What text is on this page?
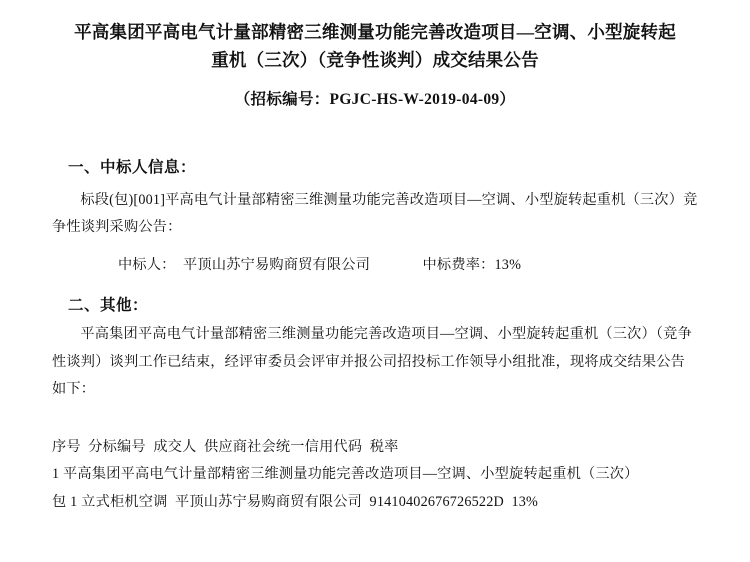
平高集团平高电气计量部精密三维测量功能完善改造项目—空调、小型旋转起重机（三次）（竞争性谈判）成交结果公告
（招标编号：PGJC-HS-W-2019-04-09）
一、中标人信息：

标段(包)[001]平高电气计量部精密三维测量功能完善改造项目—空调、小型旋转起重机（三次）竞争性谈判采购公告：

中标人：  平顶山苏宁易购商贸有限公司              中标费率：13%
二、其他：

平高集团平高电气计量部精密三维测量功能完善改造项目—空调、小型旋转起重机（三次）（竞争性谈判）谈判工作已结束，经评审委员会评审并报公司招投标工作领导小组批准，现将成交结果公告如下：

序号  分标编号  成交人  供应商社会统一信用代码  税率
1 平高集团平高电气计量部精密三维测量功能完善改造项目—空调、小型旋转起重机（三次）
包 1 立式柜机空调  平顶山苏宁易购商贸有限公司  91410402676726522D  13%
